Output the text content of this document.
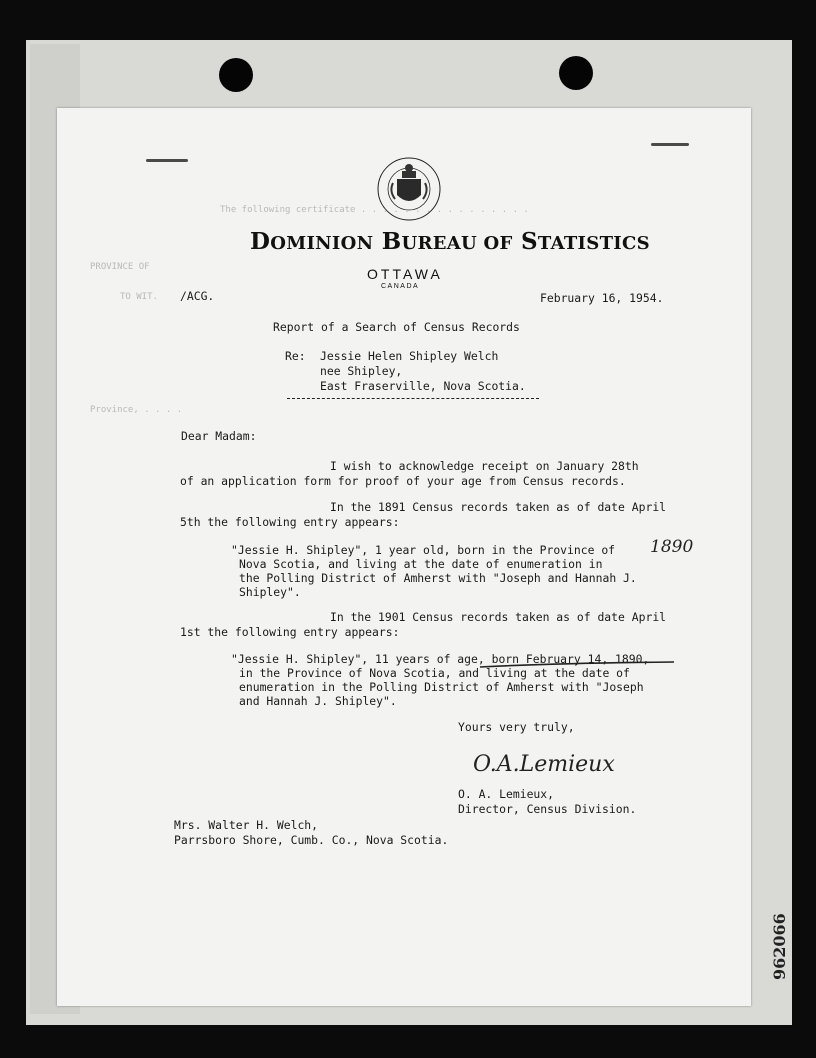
The following certificate . . . . . . . . . . . . . . . .
PROVINCE OF
TO WIT.
Province, . . . .
DOMINION BUREAU OF STATISTICS
OTTAWA
CANADA
/ACG.	February 16, 1954.
Report of a Search of Census Records
Re: Jessie Helen Shipley Welch
nee Shipley,
East Fraserville, Nova Scotia.
Dear Madam:
I wish to acknowledge receipt on January 28th
of an application form for proof of your age from Census records.
In the 1891 Census records taken as of date April
5th the following entry appears:
"Jessie H. Shipley", 1 year old, born in the Province of
Nova Scotia, and living at the date of enumeration in
the Polling District of Amherst with "Joseph and Hannah J.
Shipley".
1890
In the 1901 Census records taken as of date April
1st the following entry appears:
"Jessie H. Shipley", 11 years of age, born February 14, 1890,
in the Province of Nova Scotia, and living at the date of
enumeration in the Polling District of Amherst with "Joseph
and Hannah J. Shipley".
Yours very truly,
O.A.Lemieux
O. A. Lemieux,
Director, Census Division.
Mrs. Walter H. Welch,
Parrsboro Shore, Cumb. Co., Nova Scotia.
962066
